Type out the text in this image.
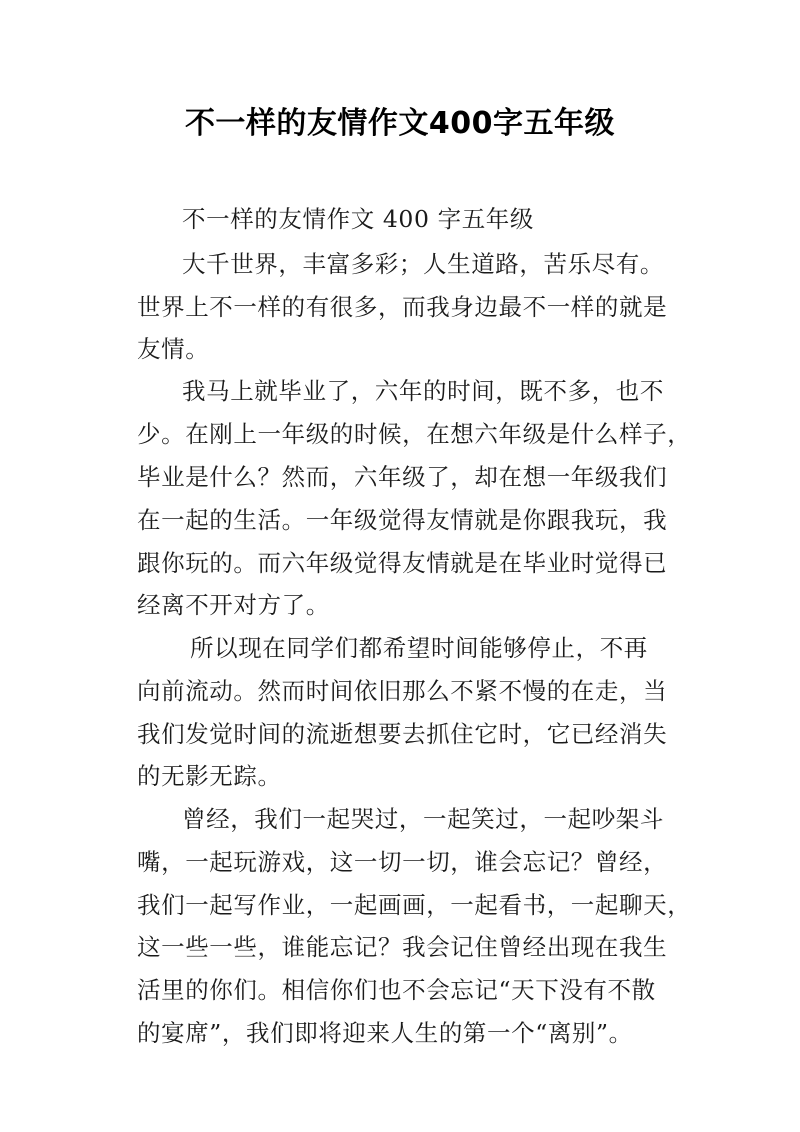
不一样的友情作文400字五年级
不一样的友情作文 400 字五年级
大千世界，丰富多彩；人生道路，苦乐尽有。
世界上不一样的有很多，而我身边最不一样的就是
友情。
我马上就毕业了，六年的时间，既不多，也不
少。在刚上一年级的时候，在想六年级是什么样子，
毕业是什么？然而，六年级了，却在想一年级我们
在一起的生活。一年级觉得友情就是你跟我玩，我
跟你玩的。而六年级觉得友情就是在毕业时觉得已
经离不开对方了。
所以现在同学们都希望时间能够停止，不再
向前流动。然而时间依旧那么不紧不慢的在走，当
我们发觉时间的流逝想要去抓住它时，它已经消失
的无影无踪。
曾经，我们一起哭过，一起笑过，一起吵架斗
嘴，一起玩游戏，这一切一切，谁会忘记？曾经，
我们一起写作业，一起画画，一起看书，一起聊天，
这一些一些，谁能忘记？我会记住曾经出现在我生
活里的你们。相信你们也不会忘记“天下没有不散
的宴席”，我们即将迎来人生的第一个“离别”。
